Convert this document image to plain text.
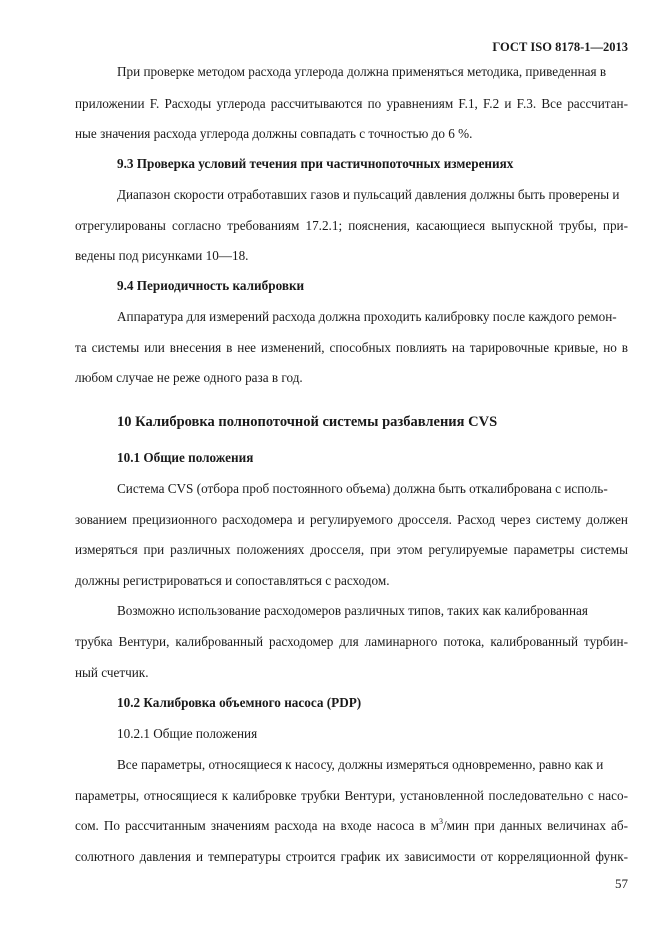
ГОСТ ISO 8178-1—2013
При проверке методом расхода углерода должна применяться методика, приведенная в
приложении F. Расходы углерода рассчитываются по уравнениям F.1, F.2 и F.3. Все рассчитан-
ные значения расхода углерода должны совпадать с точностью до 6 %.
9.3 Проверка условий течения при частичнопоточных измерениях
Диапазон скорости отработавших газов и пульсаций давления должны быть проверены и
отрегулированы согласно требованиям 17.2.1; пояснения, касающиеся выпускной трубы, при-
ведены под рисунками 10—18.
9.4 Периодичность калибровки
Аппаратура для измерений расхода должна проходить калибровку после каждого ремон-
та системы или внесения в нее изменений, способных повлиять на тарировочные кривые, но в
любом случае не реже одного раза в год.
10 Калибровка полнопоточной системы разбавления CVS
10.1 Общие положения
Система CVS (отбора проб постоянного объема) должна быть откалибрована с исполь-
зованием прецизионного расходомера и регулируемого дросселя. Расход через систему должен
измеряться при различных положениях дросселя, при этом регулируемые параметры системы
должны регистрироваться и сопоставляться с расходом.
Возможно использование расходомеров различных типов, таких как калиброванная
трубка Вентури, калиброванный расходомер для ламинарного потока, калиброванный турбин-
ный счетчик.
10.2 Калибровка объемного насоса (PDP)
10.2.1 Общие положения
Все параметры, относящиеся к насосу, должны измеряться одновременно, равно как и
параметры, относящиеся к калибровке трубки Вентури, установленной последовательно с насо-
сом. По рассчитанным значениям расхода на входе насоса в $м^3$/мин при данных величинах аб-
солютного давления и температуры строится график их зависимости от корреляционной функ-
57
